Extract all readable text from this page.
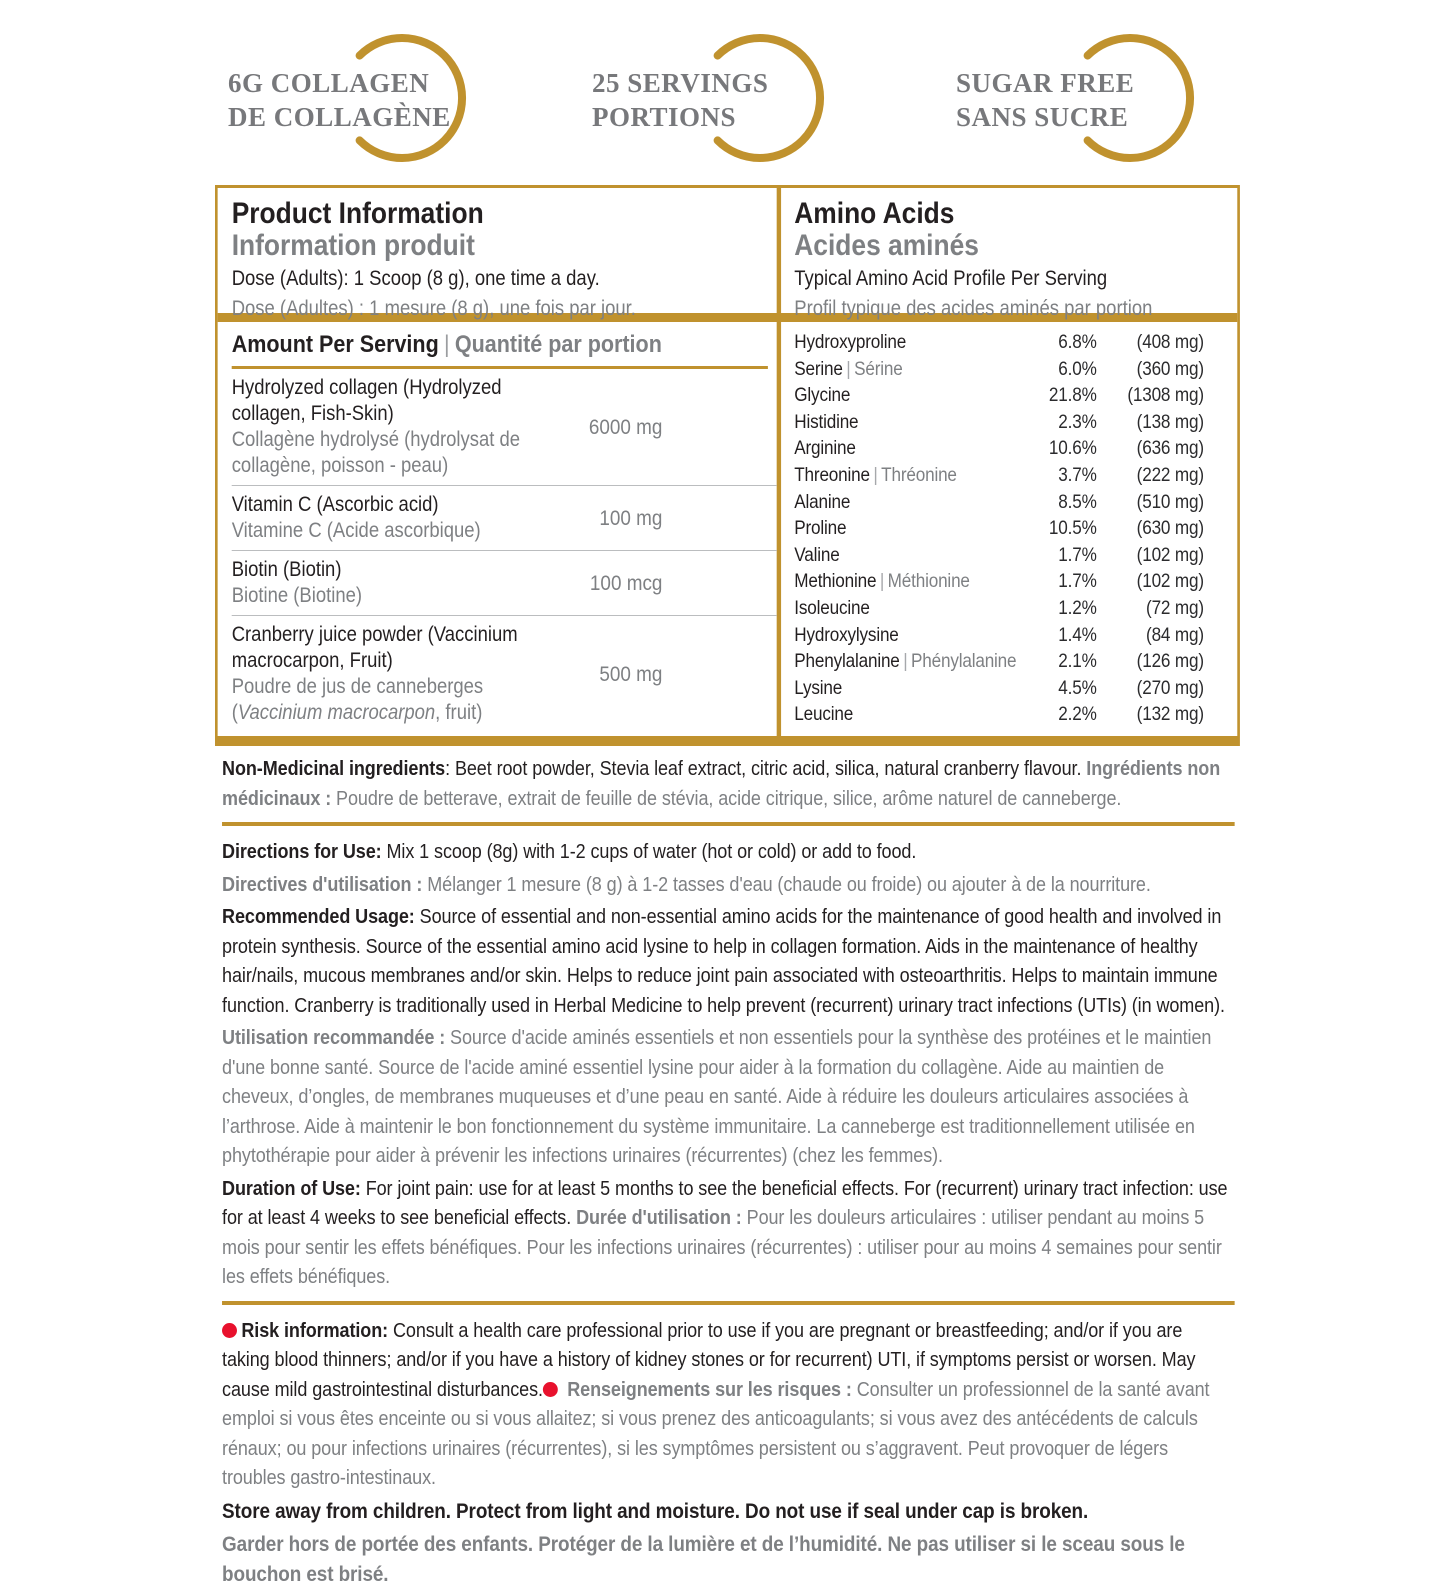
6G COLLAGEN
DE COLLAGÈNE
25 SERVINGS
PORTIONS
SUGAR FREE
SANS SUCRE
Product Information
Information produit
Dose (Adults): 1 Scoop (8 g), one time a day.
Dose (Adultes) : 1 mesure (8 g), une fois par jour.
Amino Acids
Acides aminés
Typical Amino Acid Profile Per Serving
Profil typique des acides aminés par portion
Amount Per Serving | Quantité par portion
Hydrolyzed collagen (Hydrolyzed collagen, Fish-Skin)
Collagène hydrolysé (hydrolysat de collagène, poisson - peau)
6000 mg
Vitamin C (Ascorbic acid)
Vitamine C (Acide ascorbique)
100 mg
Biotin (Biotin)
Biotine (Biotine)
100 mcg
Cranberry juice powder (Vaccinium macrocarpon, Fruit)
Poudre de jus de canneberges (Vaccinium macrocarpon, fruit)
500 mg
Hydroxyproline	6.8%	(408 mg)
Serine | Sérine	6.0%	(360 mg)
Glycine	21.8%	(1308 mg)
Histidine	2.3%	(138 mg)
Arginine	10.6%	(636 mg)
Threonine | Thréonine	3.7%	(222 mg)
Alanine	8.5%	(510 mg)
Proline	10.5%	(630 mg)
Valine	1.7%	(102 mg)
Methionine | Méthionine	1.7%	(102 mg)
Isoleucine	1.2%	(72 mg)
Hydroxylysine	1.4%	(84 mg)
Phenylalanine | Phénylalanine	2.1%	(126 mg)
Lysine	4.5%	(270 mg)
Leucine	2.2%	(132 mg)
Non-Medicinal ingredients: Beet root powder, Stevia leaf extract, citric acid, silica, natural cranberry flavour. Ingrédients non médicinaux : Poudre de betterave, extrait de feuille de stévia, acide citrique, silice, arôme naturel de canneberge.
Directions for Use: Mix 1 scoop (8g) with 1-2 cups of water (hot or cold) or add to food.
Directives d'utilisation : Mélanger 1 mesure (8 g) à 1-2 tasses d'eau (chaude ou froide) ou ajouter à de la nourriture.
Recommended Usage: Source of essential and non-essential amino acids for the maintenance of good health and involved in protein synthesis. Source of the essential amino acid lysine to help in collagen formation. Aids in the maintenance of healthy hair/nails, mucous membranes and/or skin. Helps to reduce joint pain associated with osteoarthritis. Helps to maintain immune function. Cranberry is traditionally used in Herbal Medicine to help prevent (recurrent) urinary tract infections (UTIs) (in women).
Utilisation recommandée : Source d'acide aminés essentiels et non essentiels pour la synthèse des protéines et le maintien d'une bonne santé. Source de l'acide aminé essentiel lysine pour aider à la formation du collagène. Aide au maintien de cheveux, d’ongles, de membranes muqueuses et d’une peau en santé. Aide à réduire les douleurs articulaires associées à l’arthrose. Aide à maintenir le bon fonctionnement du système immunitaire. La canneberge est traditionnellement utilisée en phytothérapie pour aider à prévenir les infections urinaires (récurrentes) (chez les femmes).
Duration of Use: For joint pain: use for at least 5 months to see the beneficial effects. For (recurrent) urinary tract infection: use for at least 4 weeks to see beneficial effects. Durée d'utilisation : Pour les douleurs articulaires : utiliser pendant au moins 5 mois pour sentir les effets bénéfiques. Pour les infections urinaires (récurrentes) : utiliser pour au moins 4 semaines pour sentir les effets bénéfiques.
Risk information: Consult a health care professional prior to use if you are pregnant or breastfeeding; and/or if you are taking blood thinners; and/or if you have a history of kidney stones or for recurrent) UTI, if symptoms persist or worsen. May cause mild gastrointestinal disturbances. Renseignements sur les risques : Consulter un professionnel de la santé avant emploi si vous êtes enceinte ou si vous allaitez; si vous prenez des anticoagulants; si vous avez des antécédents de calculs rénaux; ou pour infections urinaires (récurrentes), si les symptômes persistent ou s’aggravent. Peut provoquer de légers troubles gastro-intestinaux.
Store away from children. Protect from light and moisture. Do not use if seal under cap is broken.
Garder hors de portée des enfants. Protéger de la lumière et de l’humidité. Ne pas utiliser si le sceau sous le bouchon est brisé.
